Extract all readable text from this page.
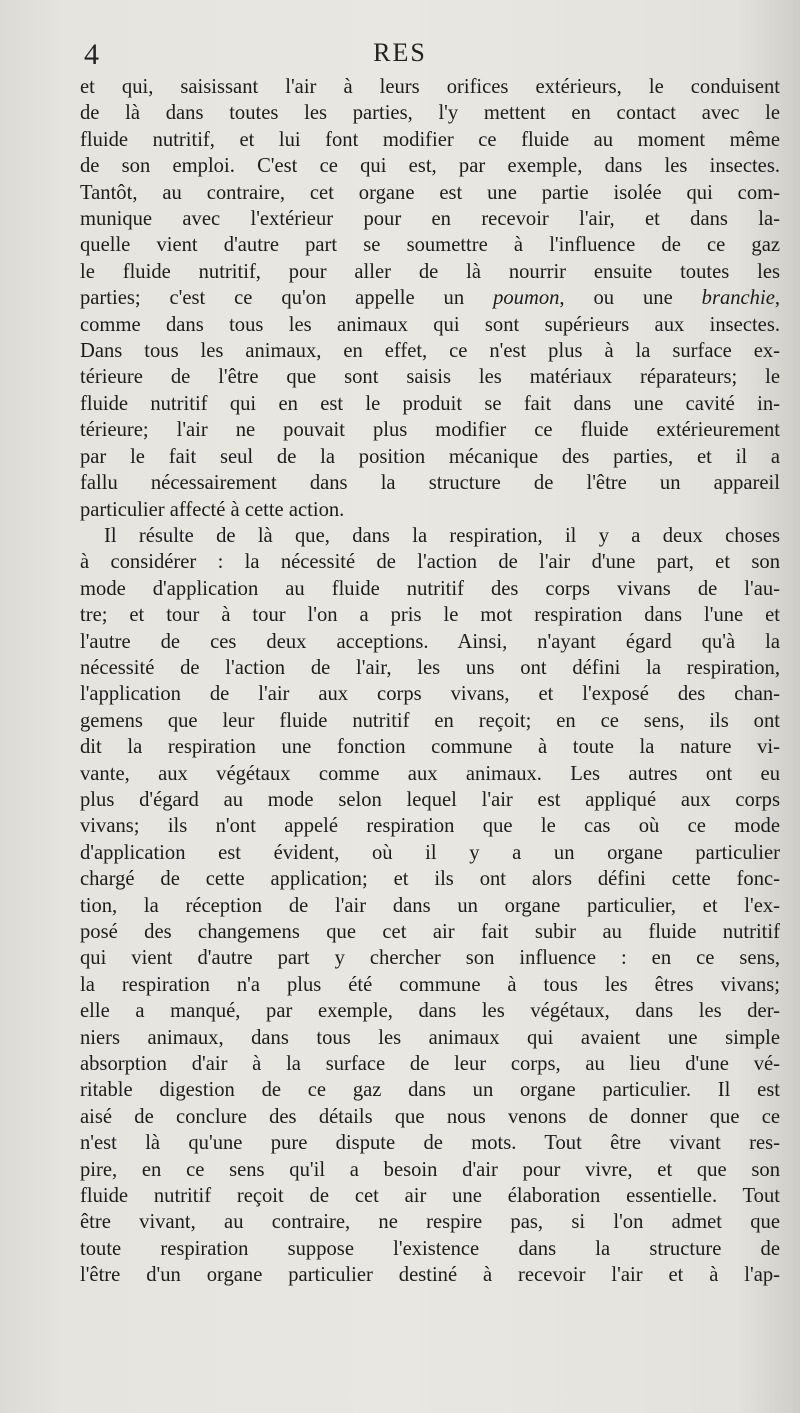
4	RES
et qui, saisissant l'air à leurs orifices extérieurs, le conduisent
de là dans toutes les parties, l'y mettent en contact avec le
fluide nutritif, et lui font modifier ce fluide au moment même
de son emploi. C'est ce qui est, par exemple, dans les insectes.
Tantôt, au contraire, cet organe est une partie isolée qui com-
munique avec l'extérieur pour en recevoir l'air, et dans la-
quelle vient d'autre part se soumettre à l'influence de ce gaz
le fluide nutritif, pour aller de là nourrir ensuite toutes les
parties; c'est ce qu'on appelle un poumon, ou une branchie,
comme dans tous les animaux qui sont supérieurs aux insectes.
Dans tous les animaux, en effet, ce n'est plus à la surface ex-
térieure de l'être que sont saisis les matériaux réparateurs; le
fluide nutritif qui en est le produit se fait dans une cavité in-
térieure; l'air ne pouvait plus modifier ce fluide extérieurement
par le fait seul de la position mécanique des parties, et il a
fallu nécessairement dans la structure de l'être un appareil
particulier affecté à cette action.
Il résulte de là que, dans la respiration, il y a deux choses
à considérer : la nécessité de l'action de l'air d'une part, et son
mode d'application au fluide nutritif des corps vivans de l'au-
tre; et tour à tour l'on a pris le mot respiration dans l'une et
l'autre de ces deux acceptions. Ainsi, n'ayant égard qu'à la
nécessité de l'action de l'air, les uns ont défini la respiration,
l'application de l'air aux corps vivans, et l'exposé des chan-
gemens que leur fluide nutritif en reçoit; en ce sens, ils ont
dit la respiration une fonction commune à toute la nature vi-
vante, aux végétaux comme aux animaux. Les autres ont eu
plus d'égard au mode selon lequel l'air est appliqué aux corps
vivans; ils n'ont appelé respiration que le cas où ce mode
d'application est évident, où il y a un organe particulier
chargé de cette application; et ils ont alors défini cette fonc-
tion, la réception de l'air dans un organe particulier, et l'ex-
posé des changemens que cet air fait subir au fluide nutritif
qui vient d'autre part y chercher son influence : en ce sens,
la respiration n'a plus été commune à tous les êtres vivans;
elle a manqué, par exemple, dans les végétaux, dans les der-
niers animaux, dans tous les animaux qui avaient une simple
absorption d'air à la surface de leur corps, au lieu d'une vé-
ritable digestion de ce gaz dans un organe particulier. Il est
aisé de conclure des détails que nous venons de donner que ce
n'est là qu'une pure dispute de mots. Tout être vivant res-
pire, en ce sens qu'il a besoin d'air pour vivre, et que son
fluide nutritif reçoit de cet air une élaboration essentielle. Tout
être vivant, au contraire, ne respire pas, si l'on admet que
toute respiration suppose l'existence dans la structure de
l'être d'un organe particulier destiné à recevoir l'air et à l'ap-
